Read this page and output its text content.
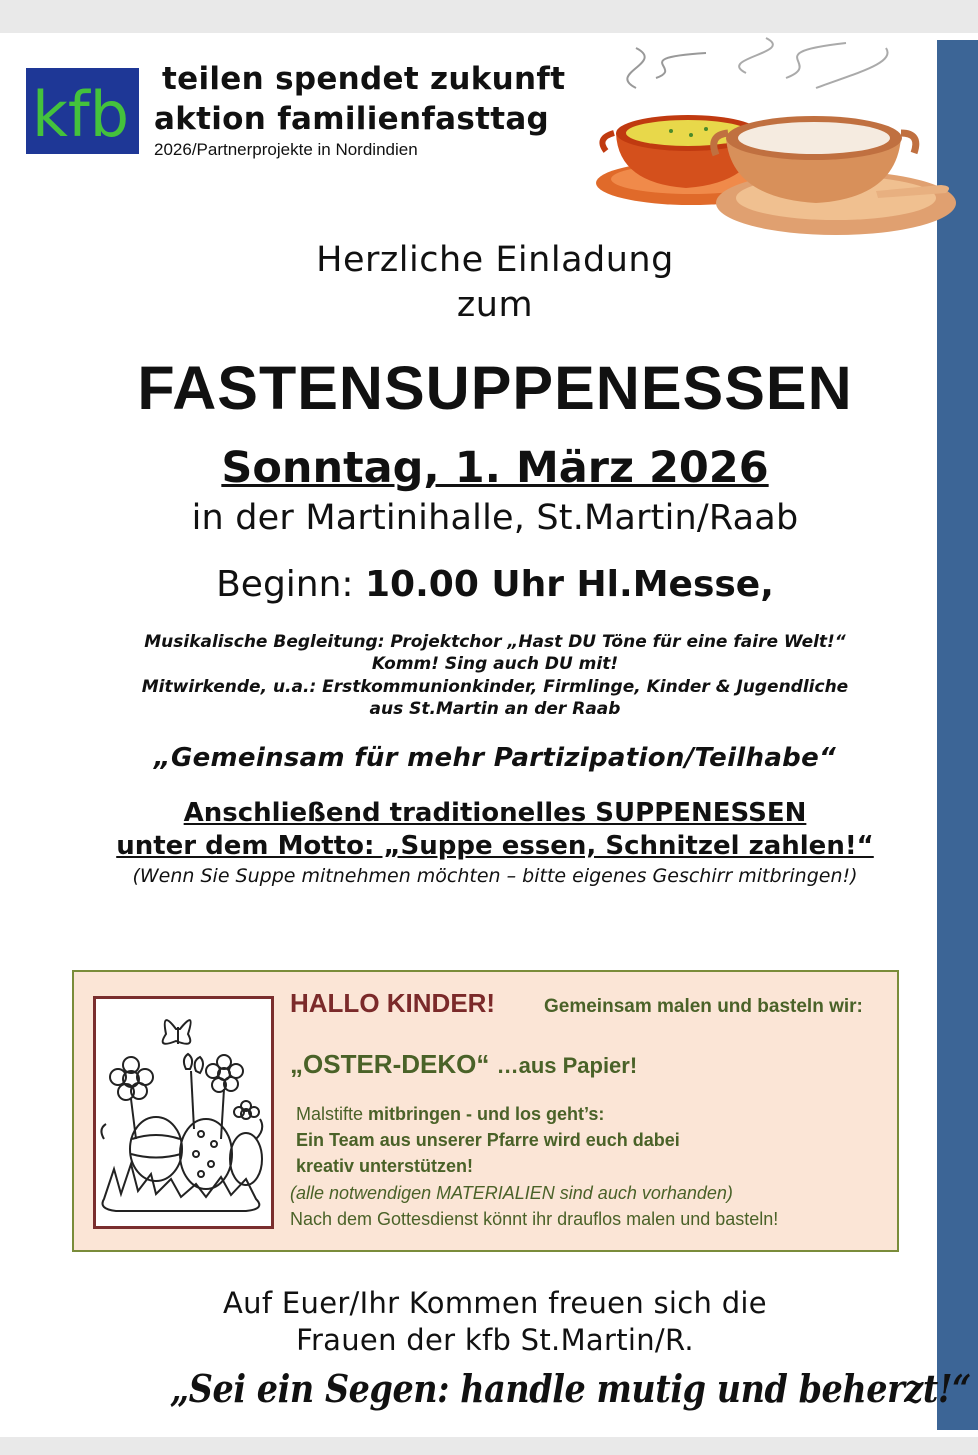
kfb teilen spendet zukunft
aktion familienfasttag
2026/Partnerprojekte in Nordindien
Herzliche Einladung
zum
FASTENSUPPENESSEN
Sonntag, 1. März 2026
in der Martinihalle, St.Martin/Raab
Beginn: 10.00 Uhr Hl.Messe,
Musikalische Begleitung: Projektchor „Hast DU Töne für eine faire Welt!“
Komm! Sing auch DU mit!
Mitwirkende, u.a.: Erstkommunionkinder, Firmlinge, Kinder & Jugendliche
aus St.Martin an der Raab
„Gemeinsam für mehr Partizipation/Teilhabe“
Anschließend traditionelles SUPPENESSEN
unter dem Motto: „Suppe essen, Schnitzel zahlen!“
(Wenn Sie Suppe mitnehmen möchten – bitte eigenes Geschirr mitbringen!)
HALLO KINDER!	Gemeinsam malen und basteln wir:
„OSTER-DEKO“ …aus Papier!
Malstifte mitbringen - und los geht’s:
Ein Team aus unserer Pfarre wird euch dabei
kreativ unterstützen!
(alle notwendigen MATERIALIEN sind auch vorhanden)
Nach dem Gottesdienst könnt ihr drauflos malen und basteln!
Auf Euer/Ihr Kommen freuen sich die
Frauen der kfb St.Martin/R.
„Sei ein Segen: handle mutig und beherzt!“
